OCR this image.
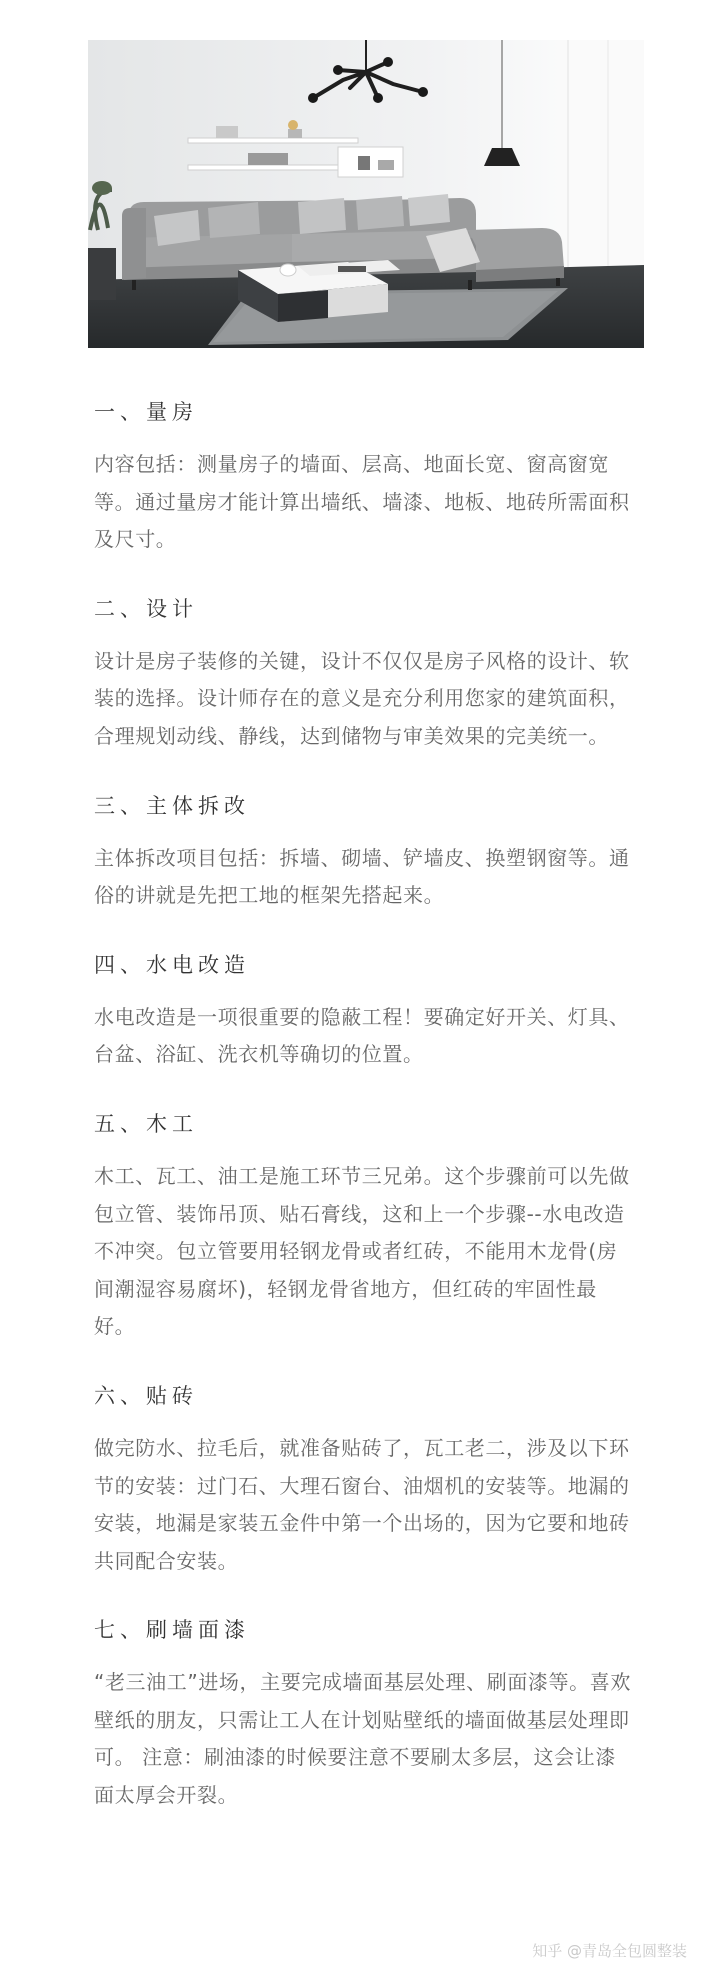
一、量房

内容包括：测量房子的墙面、层高、地面长宽、窗高窗宽等。通过量房才能计算出墙纸、墙漆、地板、地砖所需面积及尺寸。

二、设计

设计是房子装修的关键，设计不仅仅是房子风格的设计、软装的选择。设计师存在的意义是充分利用您家的建筑面积，合理规划动线、静线，达到储物与审美效果的完美统一。

三、主体拆改

主体拆改项目包括：拆墙、砌墙、铲墙皮、换塑钢窗等。通俗的讲就是先把工地的框架先搭起来。

四、水电改造

水电改造是一项很重要的隐蔽工程！要确定好开关、灯具、台盆、浴缸、洗衣机等确切的位置。

五、木工

木工、瓦工、油工是施工环节三兄弟。这个步骤前可以先做包立管、装饰吊顶、贴石膏线，这和上一个步骤--水电改造不冲突。包立管要用轻钢龙骨或者红砖，不能用木龙骨(房间潮湿容易腐坏)，轻钢龙骨省地方，但红砖的牢固性最好。

六、贴砖

做完防水、拉毛后，就准备贴砖了，瓦工老二，涉及以下环节的安装：过门石、大理石窗台、油烟机的安装等。地漏的安装，地漏是家装五金件中第一个出场的，因为它要和地砖共同配合安装。

七、刷墙面漆

“老三油工”进场，主要完成墙面基层处理、刷面漆等。喜欢壁纸的朋友，只需让工人在计划贴壁纸的墙面做基层处理即可。 注意：刷油漆的时候要注意不要刷太多层，这会让漆面太厚会开裂。

知乎 @青岛全包圆整装
